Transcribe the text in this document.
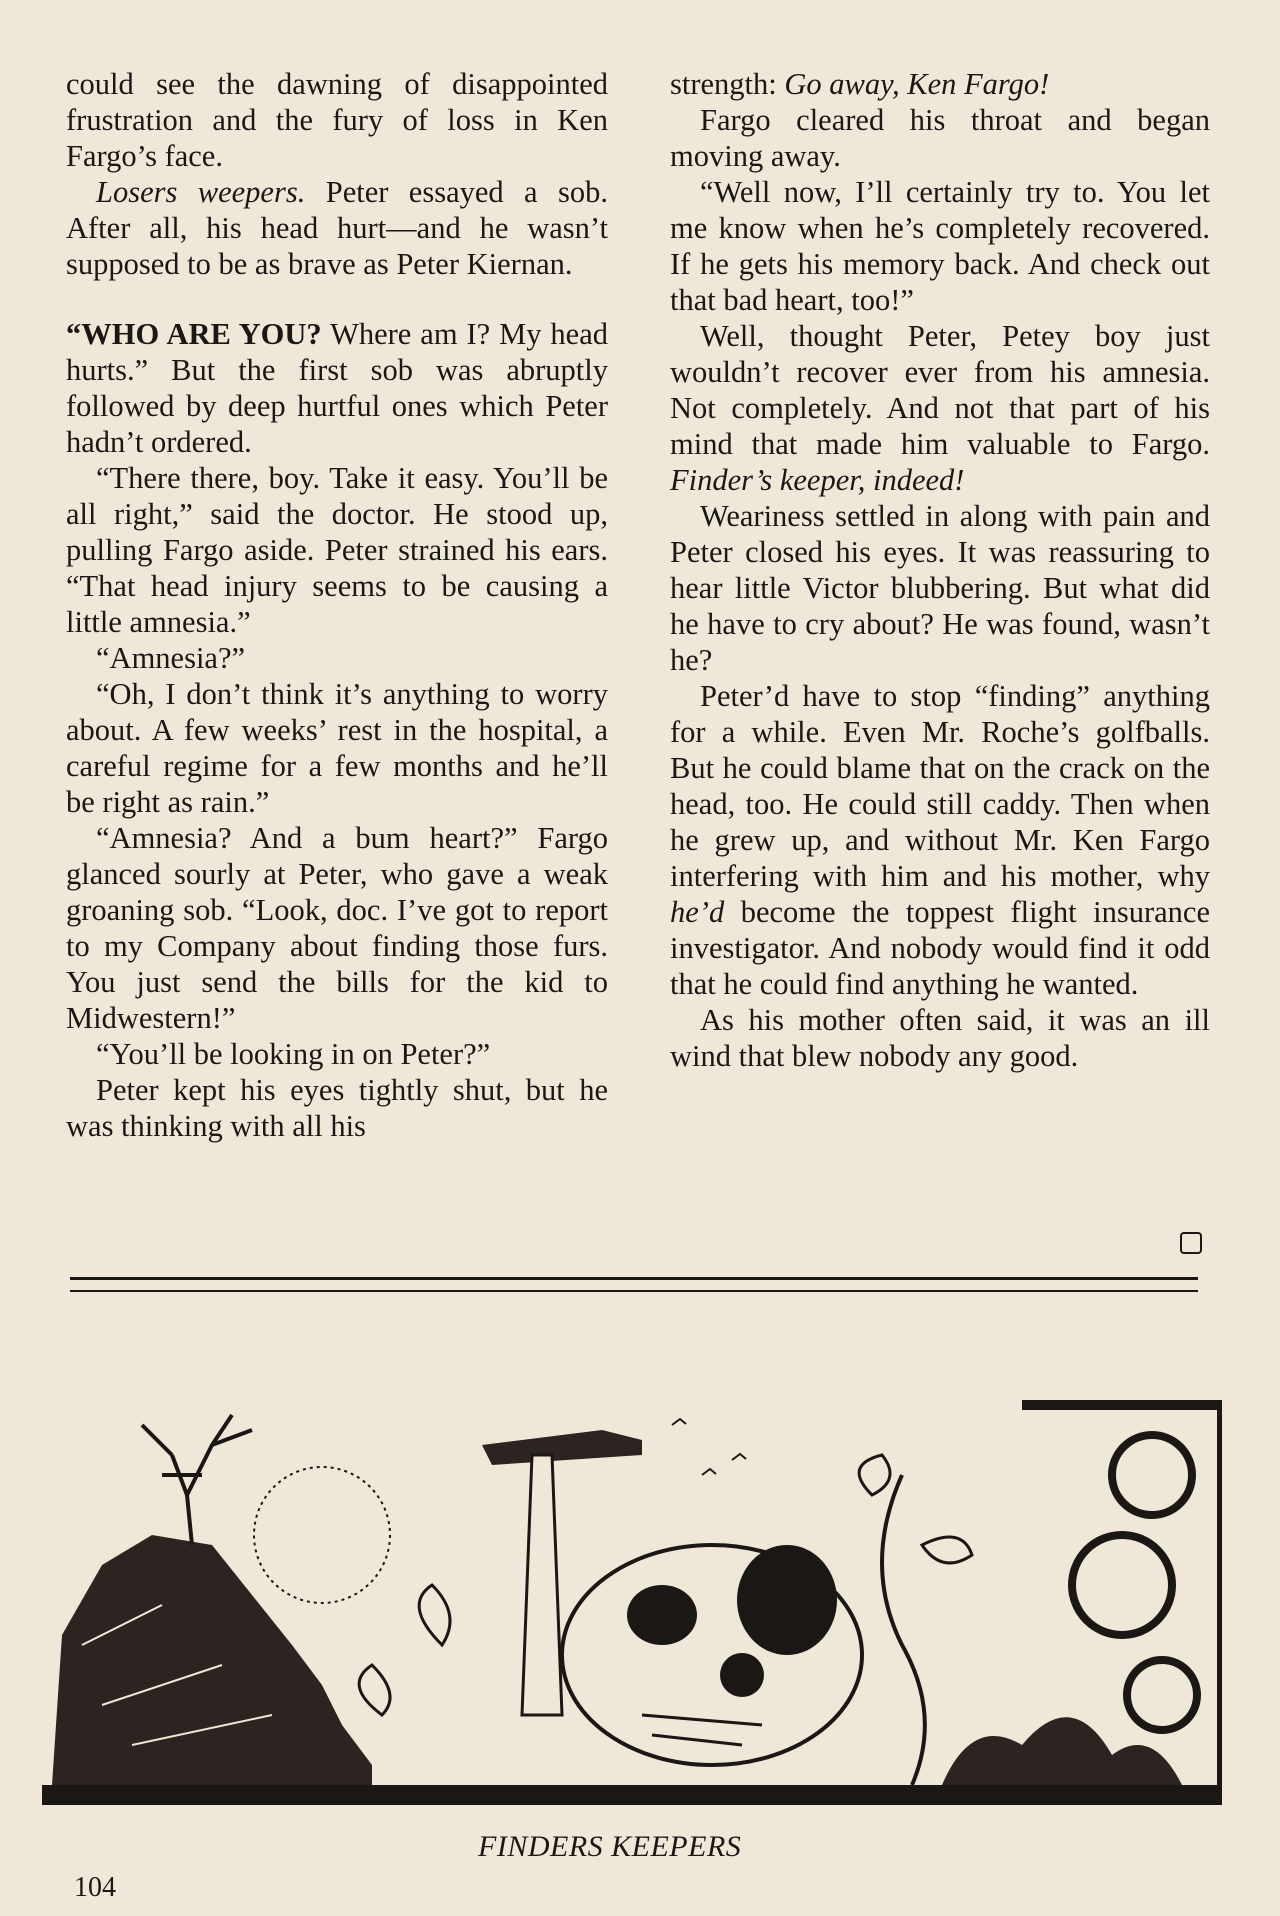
could see the dawning of disappointed frustration and the fury of loss in Ken Fargo’s face.

Losers weepers. Peter essayed a sob. After all, his head hurt—and he wasn’t supposed to be as brave as Peter Kiernan.

“WHO ARE YOU? Where am I? My head hurts.” But the first sob was abruptly followed by deep hurtful ones which Peter hadn’t ordered.

“There there, boy. Take it easy. You’ll be all right,” said the doctor. He stood up, pulling Fargo aside. Peter strained his ears. “That head injury seems to be causing a little amnesia.”

“Amnesia?”

“Oh, I don’t think it’s anything to worry about. A few weeks’ rest in the hospital, a careful regime for a few months and he’ll be right as rain.”

“Amnesia? And a bum heart?” Fargo glanced sourly at Peter, who gave a weak groaning sob. “Look, doc. I’ve got to report to my Company about finding those furs. You just send the bills for the kid to Midwestern!”

“You’ll be looking in on Peter?”

Peter kept his eyes tightly shut, but he was thinking with all his

strength: Go away, Ken Fargo!

Fargo cleared his throat and began moving away.

“Well now, I’ll certainly try to. You let me know when he’s completely recovered. If he gets his memory back. And check out that bad heart, too!”

Well, thought Peter, Petey boy just wouldn’t recover ever from his amnesia. Not completely. And not that part of his mind that made him valuable to Fargo. Finder’s keeper, indeed!

Weariness settled in along with pain and Peter closed his eyes. It was reassuring to hear little Victor blubbering. But what did he have to cry about? He was found, wasn’t he?

Peter’d have to stop “finding” anything for a while. Even Mr. Roche’s golfballs. But he could blame that on the crack on the head, too. He could still caddy. Then when he grew up, and without Mr. Ken Fargo interfering with him and his mother, why he’d become the toppest flight insurance investigator. And nobody would find it odd that he could find anything he wanted.

As his mother often said, it was an ill wind that blew nobody any good.

FINDERS KEEPERS
104
